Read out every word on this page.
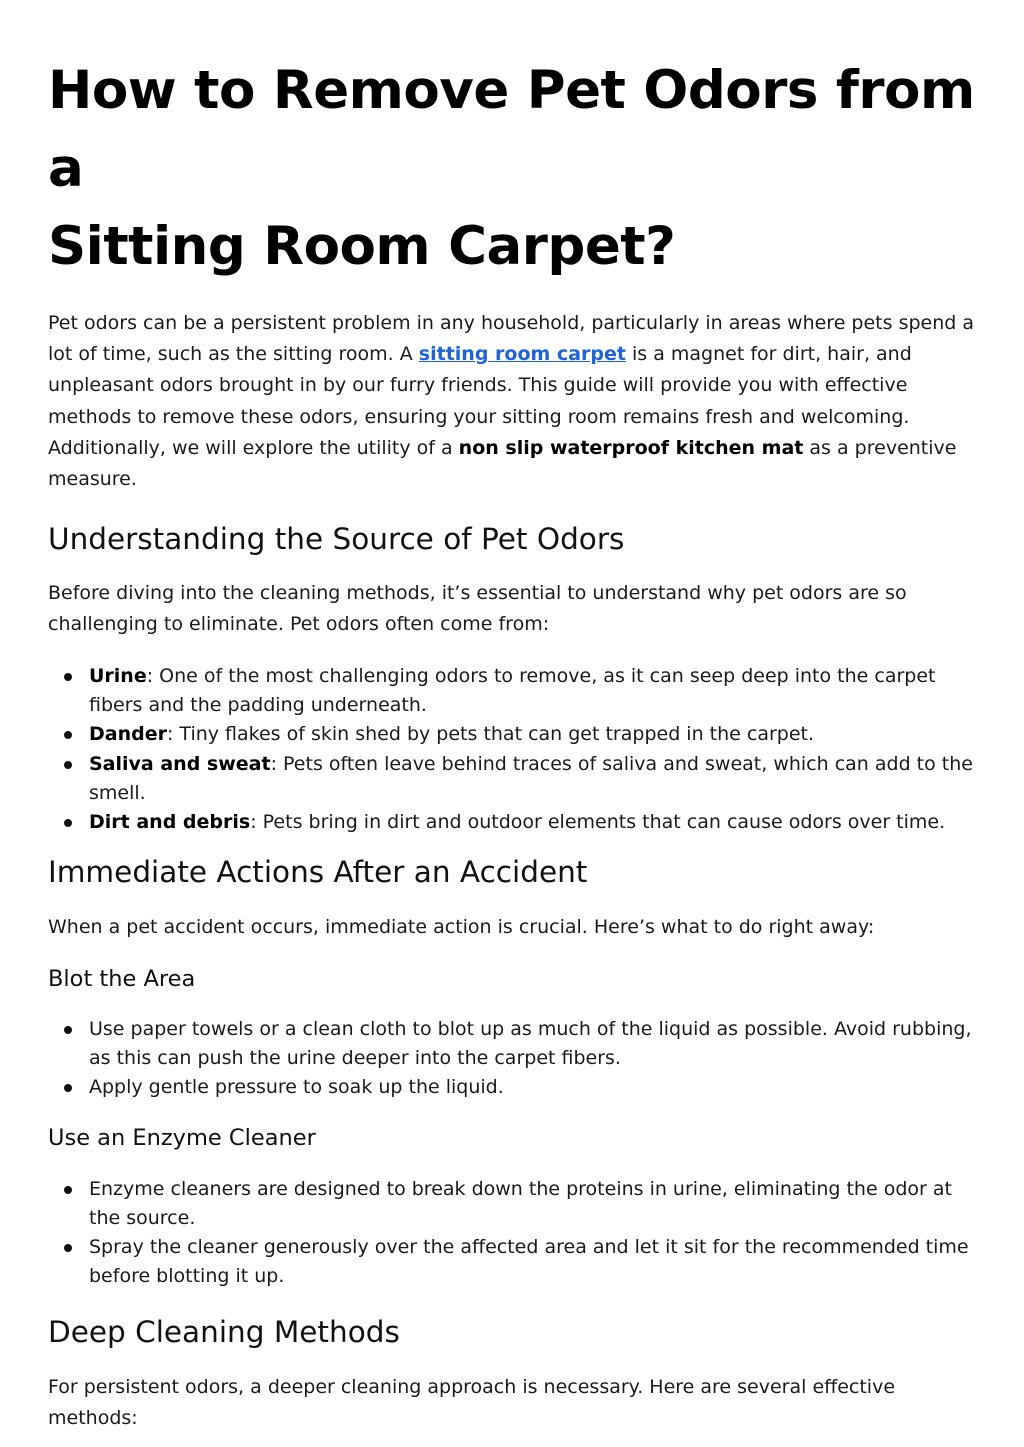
How to Remove Pet Odors from a
Sitting Room Carpet?

Pet odors can be a persistent problem in any household, particularly in areas where pets spend a lot of time, such as the sitting room. A sitting room carpet is a magnet for dirt, hair, and unpleasant odors brought in by our furry friends. This guide will provide you with effective methods to remove these odors, ensuring your sitting room remains fresh and welcoming. Additionally, we will explore the utility of a non slip waterproof kitchen mat as a preventive measure.

Understanding the Source of Pet Odors

Before diving into the cleaning methods, it’s essential to understand why pet odors are so challenging to eliminate. Pet odors often come from:

Urine: One of the most challenging odors to remove, as it can seep deep into the carpet fibers and the padding underneath.
Dander: Tiny flakes of skin shed by pets that can get trapped in the carpet.
Saliva and sweat: Pets often leave behind traces of saliva and sweat, which can add to the smell.
Dirt and debris: Pets bring in dirt and outdoor elements that can cause odors over time.
Immediate Actions After an Accident

When a pet accident occurs, immediate action is crucial. Here’s what to do right away:

Blot the Area
Use paper towels or a clean cloth to blot up as much of the liquid as possible. Avoid rubbing, as this can push the urine deeper into the carpet fibers.
Apply gentle pressure to soak up the liquid.
Use an Enzyme Cleaner
Enzyme cleaners are designed to break down the proteins in urine, eliminating the odor at the source.
Spray the cleaner generously over the affected area and let it sit for the recommended time before blotting it up.
Deep Cleaning Methods

For persistent odors, a deeper cleaning approach is necessary. Here are several effective methods:
